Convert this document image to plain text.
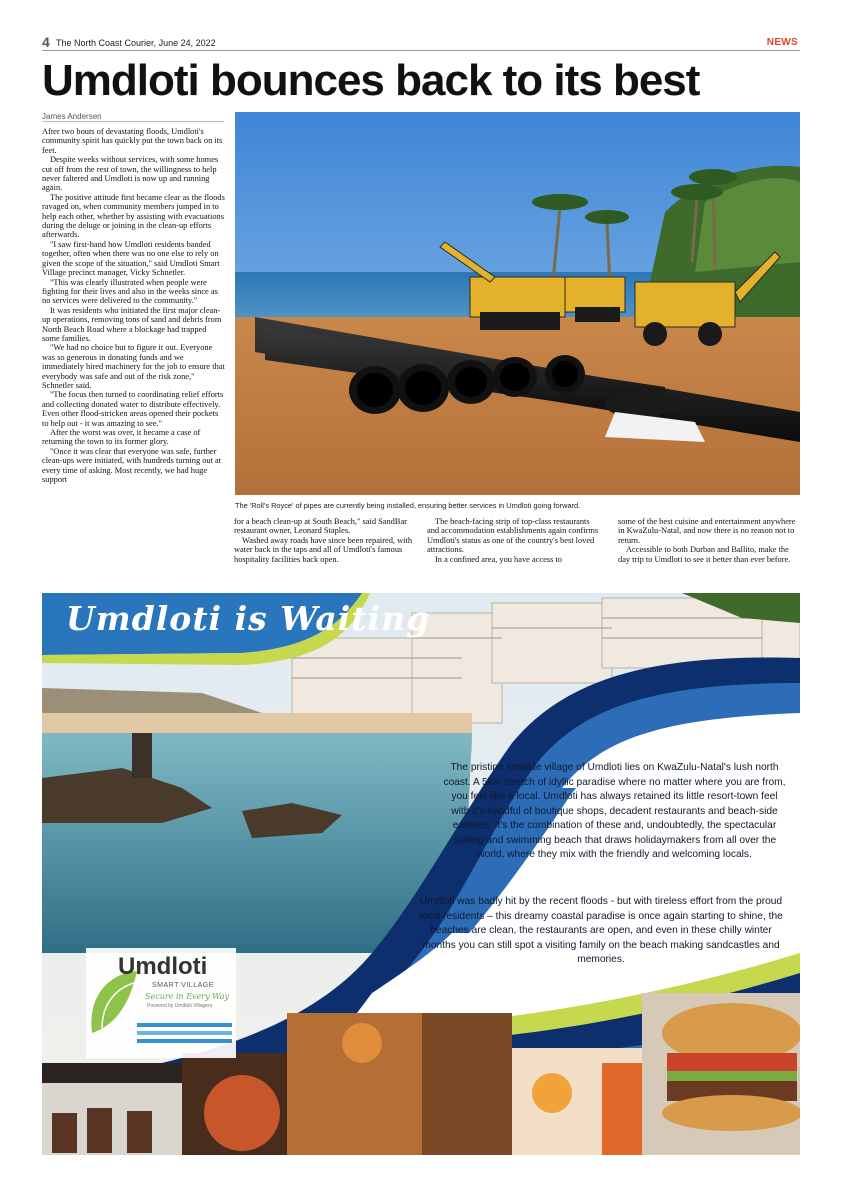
4 The North Coast Courier, June 24, 2022	NEWS
Umdloti bounces back to its best
James Andersen

After two bouts of devastating floods, Umdloti's community spirit has quickly put the town back on its feet.

Despite weeks without services, with some homes cut off from the rest of town, the willingness to help never faltered and Umdloti is now up and running again.

The positive attitude first became clear as the floods ravaged on, when community members jumped in to help each other, whether by assisting with evacuations during the deluge or joining in the clean-up efforts afterwards.

"I saw first-hand how Umdloti residents banded together, often when there was no one else to rely on given the scope of the situation," said Umdloti Smart Village precinct manager, Vicky Schnetler.

"This was clearly illustrated when people were fighting for their lives and also in the weeks since as no services were delivered to the community."

It was residents who initiated the first major clean-up operations, removing tons of sand and debris from North Beach Road where a blockage had trapped some families.

"We had no choice but to figure it out. Everyone was so generous in donating funds and we immediately hired machinery for the job to ensure that everybody was safe and out of the risk zone," Schnetler said.

"The focus then turned to coordinating relief efforts and collecting donated water to distribute effectively. Even other flood-stricken areas opened their pockets to help out - it was amazing to see."

After the worst was over, it became a case of returning the town to its former glory.

"Once it was clear that everyone was safe, further clean-ups were initiated, with hundreds turning out at every time of asking. Most recently, we had huge support

The 'Roll's Royce' of pipes are currently being installed, ensuring better services in Umdloti going forward.

for a beach clean-up at South Beach," said SandBar restaurant owner, Leonard Staples.

Washed away roads have since been repaired, with water back in the taps and all of Umdloti's famous hospitality facilities back open.

The beach-facing strip of top-class restaurants and accommodation establishments again confirms Umdloti's status as one of the country's best loved attractions.

In a confined area, you have access to

some of the best cuisine and entertainment anywhere in KwaZulu-Natal, and now there is no reason not to return.

Accessible to both Durban and Ballito, make the day trip to Umdloti to see it better than ever before.

Umdloti is Waiting
The pristine seaside village of Umdloti lies on KwaZulu-Natal's lush north coast. A 5km stretch of idyllic paradise where no matter where you are from, you feel like a local. Umdloti has always retained its little resort-town feel with it's handful of boutique shops, decadent restaurants and beach-side eateries. It's the combination of these and, undoubtedly, the spectacular surfing and swimming beach that draws holidaymakers from all over the world, where they mix with the friendly and welcoming locals.
Umdloti was badly hit by the recent floods - but with tireless effort from the proud local residents – this dreamy coastal paradise is once again starting to shine, the beaches are clean, the restaurants are open, and even in these chilly winter months you can still spot a visiting family on the beach making sandcastles and memories.
Umdloti
SMART VILLAGE
Secure in Every Way
Powered by Umdloti Villagers
